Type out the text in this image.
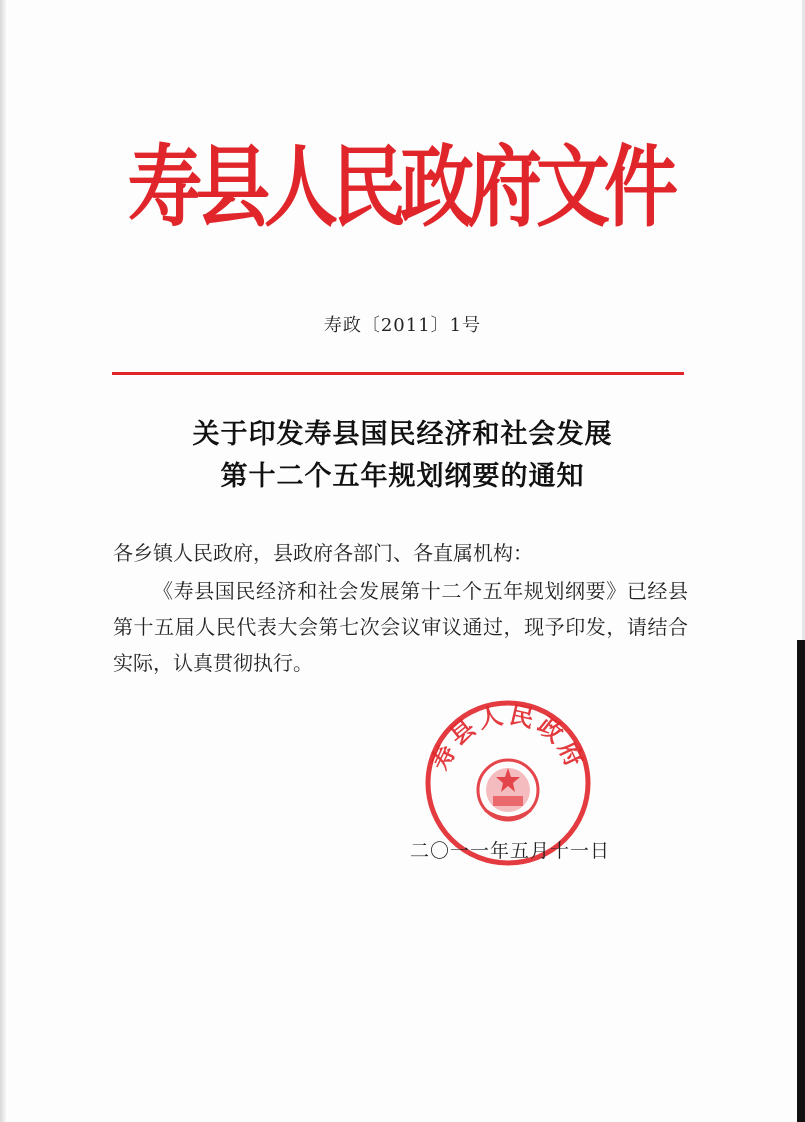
寿县人民政府文件
寿政〔2011〕1号
关于印发寿县国民经济和社会发展
第十二个五年规划纲要的通知
各乡镇人民政府，县政府各部门、各直属机构：
《寿县国民经济和社会发展第十二个五年规划纲要》已经县第十五届人民代表大会第七次会议审议通过，现予印发，请结合实际，认真贯彻执行。
寿县人民政府
二〇一一年五月十一日
